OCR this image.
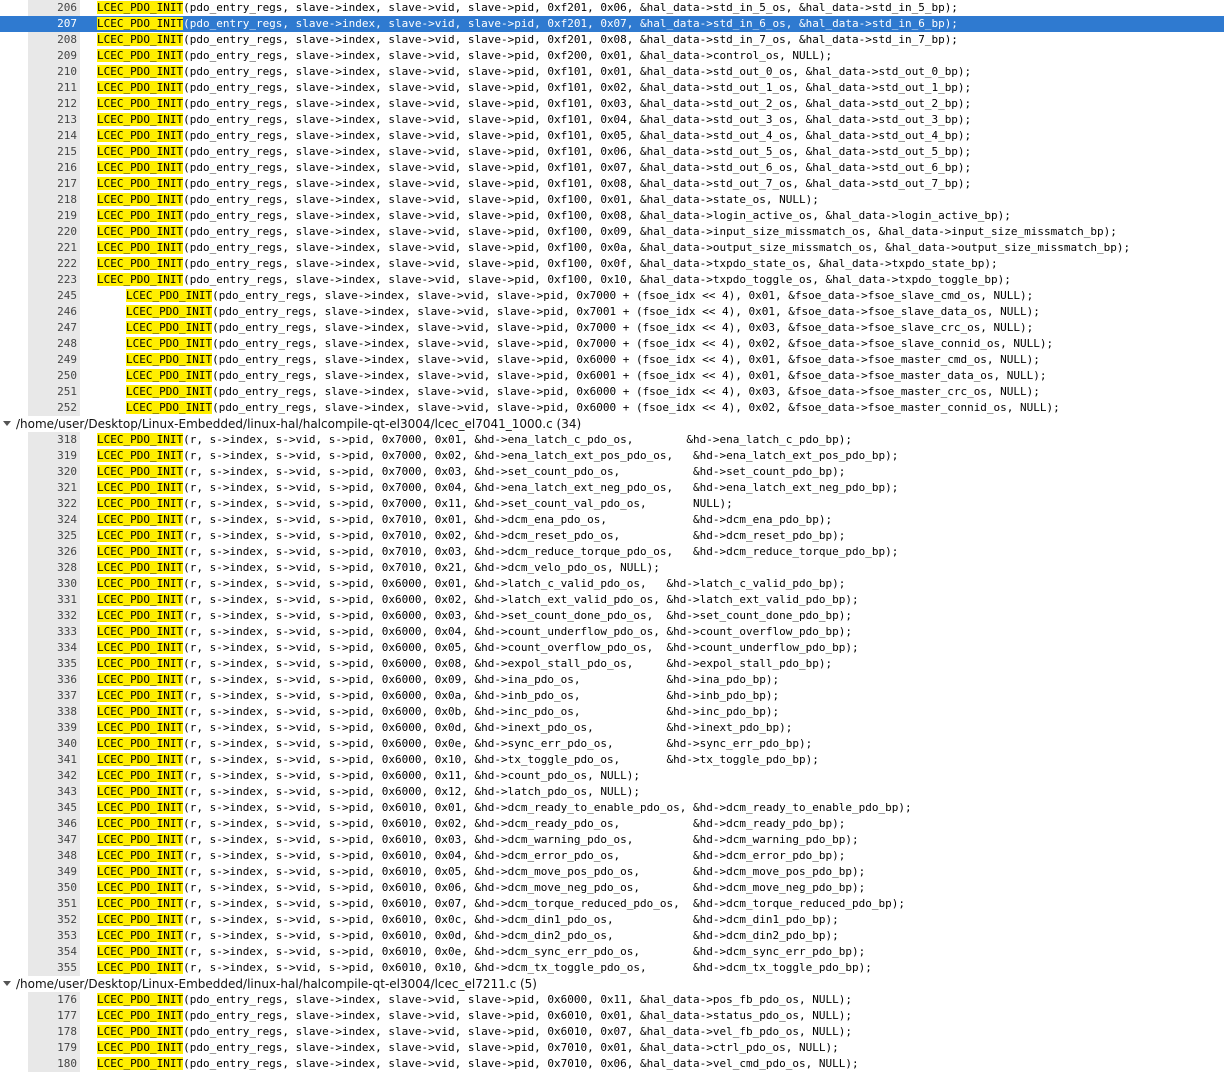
206 LCEC_PDO_INIT(pdo_entry_regs, slave->index, slave->vid, slave->pid, 0xf201, 0x06, &hal_data->std_in_5_os, &hal_data->std_in_5_bp);
207 LCEC_PDO_INIT(pdo_entry_regs, slave->index, slave->vid, slave->pid, 0xf201, 0x07, &hal_data->std_in_6_os, &hal_data->std_in_6_bp);
208 LCEC_PDO_INIT(pdo_entry_regs, slave->index, slave->vid, slave->pid, 0xf201, 0x08, &hal_data->std_in_7_os, &hal_data->std_in_7_bp);
209 LCEC_PDO_INIT(pdo_entry_regs, slave->index, slave->vid, slave->pid, 0xf200, 0x01, &hal_data->control_os, NULL);
210 LCEC_PDO_INIT(pdo_entry_regs, slave->index, slave->vid, slave->pid, 0xf101, 0x01, &hal_data->std_out_0_os, &hal_data->std_out_0_bp);
211 LCEC_PDO_INIT(pdo_entry_regs, slave->index, slave->vid, slave->pid, 0xf101, 0x02, &hal_data->std_out_1_os, &hal_data->std_out_1_bp);
212 LCEC_PDO_INIT(pdo_entry_regs, slave->index, slave->vid, slave->pid, 0xf101, 0x03, &hal_data->std_out_2_os, &hal_data->std_out_2_bp);
213 LCEC_PDO_INIT(pdo_entry_regs, slave->index, slave->vid, slave->pid, 0xf101, 0x04, &hal_data->std_out_3_os, &hal_data->std_out_3_bp);
214 LCEC_PDO_INIT(pdo_entry_regs, slave->index, slave->vid, slave->pid, 0xf101, 0x05, &hal_data->std_out_4_os, &hal_data->std_out_4_bp);
215 LCEC_PDO_INIT(pdo_entry_regs, slave->index, slave->vid, slave->pid, 0xf101, 0x06, &hal_data->std_out_5_os, &hal_data->std_out_5_bp);
216 LCEC_PDO_INIT(pdo_entry_regs, slave->index, slave->vid, slave->pid, 0xf101, 0x07, &hal_data->std_out_6_os, &hal_data->std_out_6_bp);
217 LCEC_PDO_INIT(pdo_entry_regs, slave->index, slave->vid, slave->pid, 0xf101, 0x08, &hal_data->std_out_7_os, &hal_data->std_out_7_bp);
218 LCEC_PDO_INIT(pdo_entry_regs, slave->index, slave->vid, slave->pid, 0xf100, 0x01, &hal_data->state_os, NULL);
219 LCEC_PDO_INIT(pdo_entry_regs, slave->index, slave->vid, slave->pid, 0xf100, 0x08, &hal_data->login_active_os, &hal_data->login_active_bp);
220 LCEC_PDO_INIT(pdo_entry_regs, slave->index, slave->vid, slave->pid, 0xf100, 0x09, &hal_data->input_size_missmatch_os, &hal_data->input_size_missmatch_bp);
221 LCEC_PDO_INIT(pdo_entry_regs, slave->index, slave->vid, slave->pid, 0xf100, 0x0a, &hal_data->output_size_missmatch_os, &hal_data->output_size_missmatch_bp);
222 LCEC_PDO_INIT(pdo_entry_regs, slave->index, slave->vid, slave->pid, 0xf100, 0x0f, &hal_data->txpdo_state_os, &hal_data->txpdo_state_bp);
223 LCEC_PDO_INIT(pdo_entry_regs, slave->index, slave->vid, slave->pid, 0xf100, 0x10, &hal_data->txpdo_toggle_os, &hal_data->txpdo_toggle_bp);
245	LCEC_PDO_INIT(pdo_entry_regs, slave->index, slave->vid, slave->pid, 0x7000 + (fsoe_idx << 4), 0x01, &fsoe_data->fsoe_slave_cmd_os, NULL);
246	LCEC_PDO_INIT(pdo_entry_regs, slave->index, slave->vid, slave->pid, 0x7001 + (fsoe_idx << 4), 0x01, &fsoe_data->fsoe_slave_data_os, NULL);
247	LCEC_PDO_INIT(pdo_entry_regs, slave->index, slave->vid, slave->pid, 0x7000 + (fsoe_idx << 4), 0x03, &fsoe_data->fsoe_slave_crc_os, NULL);
248	LCEC_PDO_INIT(pdo_entry_regs, slave->index, slave->vid, slave->pid, 0x7000 + (fsoe_idx << 4), 0x02, &fsoe_data->fsoe_slave_connid_os, NULL);
249	LCEC_PDO_INIT(pdo_entry_regs, slave->index, slave->vid, slave->pid, 0x6000 + (fsoe_idx << 4), 0x01, &fsoe_data->fsoe_master_cmd_os, NULL);
250	LCEC_PDO_INIT(pdo_entry_regs, slave->index, slave->vid, slave->pid, 0x6001 + (fsoe_idx << 4), 0x01, &fsoe_data->fsoe_master_data_os, NULL);
251	LCEC_PDO_INIT(pdo_entry_regs, slave->index, slave->vid, slave->pid, 0x6000 + (fsoe_idx << 4), 0x03, &fsoe_data->fsoe_master_crc_os, NULL);
252	LCEC_PDO_INIT(pdo_entry_regs, slave->index, slave->vid, slave->pid, 0x6000 + (fsoe_idx << 4), 0x02, &fsoe_data->fsoe_master_connid_os, NULL);
/home/user/Desktop/Linux-Embedded/linux-hal/halcompile-qt-el3004/lcec_el7041_1000.c (34)
318 LCEC_PDO_INIT(r, s->index, s->vid, s->pid, 0x7000, 0x01, &hd->ena_latch_c_pdo_os,        &hd->ena_latch_c_pdo_bp);
319 LCEC_PDO_INIT(r, s->index, s->vid, s->pid, 0x7000, 0x02, &hd->ena_latch_ext_pos_pdo_os,   &hd->ena_latch_ext_pos_pdo_bp);
320 LCEC_PDO_INIT(r, s->index, s->vid, s->pid, 0x7000, 0x03, &hd->set_count_pdo_os,           &hd->set_count_pdo_bp);
321 LCEC_PDO_INIT(r, s->index, s->vid, s->pid, 0x7000, 0x04, &hd->ena_latch_ext_neg_pdo_os,   &hd->ena_latch_ext_neg_pdo_bp);
322 LCEC_PDO_INIT(r, s->index, s->vid, s->pid, 0x7000, 0x11, &hd->set_count_val_pdo_os,       NULL);
324 LCEC_PDO_INIT(r, s->index, s->vid, s->pid, 0x7010, 0x01, &hd->dcm_ena_pdo_os,             &hd->dcm_ena_pdo_bp);
325 LCEC_PDO_INIT(r, s->index, s->vid, s->pid, 0x7010, 0x02, &hd->dcm_reset_pdo_os,           &hd->dcm_reset_pdo_bp);
326 LCEC_PDO_INIT(r, s->index, s->vid, s->pid, 0x7010, 0x03, &hd->dcm_reduce_torque_pdo_os,   &hd->dcm_reduce_torque_pdo_bp);
328 LCEC_PDO_INIT(r, s->index, s->vid, s->pid, 0x7010, 0x21, &hd->dcm_velo_pdo_os, NULL);
330 LCEC_PDO_INIT(r, s->index, s->vid, s->pid, 0x6000, 0x01, &hd->latch_c_valid_pdo_os,   &hd->latch_c_valid_pdo_bp);
331 LCEC_PDO_INIT(r, s->index, s->vid, s->pid, 0x6000, 0x02, &hd->latch_ext_valid_pdo_os, &hd->latch_ext_valid_pdo_bp);
332 LCEC_PDO_INIT(r, s->index, s->vid, s->pid, 0x6000, 0x03, &hd->set_count_done_pdo_os,  &hd->set_count_done_pdo_bp);
333 LCEC_PDO_INIT(r, s->index, s->vid, s->pid, 0x6000, 0x04, &hd->count_underflow_pdo_os, &hd->count_overflow_pdo_bp);
334 LCEC_PDO_INIT(r, s->index, s->vid, s->pid, 0x6000, 0x05, &hd->count_overflow_pdo_os,  &hd->count_underflow_pdo_bp);
335 LCEC_PDO_INIT(r, s->index, s->vid, s->pid, 0x6000, 0x08, &hd->expol_stall_pdo_os,     &hd->expol_stall_pdo_bp);
336 LCEC_PDO_INIT(r, s->index, s->vid, s->pid, 0x6000, 0x09, &hd->ina_pdo_os,             &hd->ina_pdo_bp);
337 LCEC_PDO_INIT(r, s->index, s->vid, s->pid, 0x6000, 0x0a, &hd->inb_pdo_os,             &hd->inb_pdo_bp);
338 LCEC_PDO_INIT(r, s->index, s->vid, s->pid, 0x6000, 0x0b, &hd->inc_pdo_os,             &hd->inc_pdo_bp);
339 LCEC_PDO_INIT(r, s->index, s->vid, s->pid, 0x6000, 0x0d, &hd->inext_pdo_os,           &hd->inext_pdo_bp);
340 LCEC_PDO_INIT(r, s->index, s->vid, s->pid, 0x6000, 0x0e, &hd->sync_err_pdo_os,        &hd->sync_err_pdo_bp);
341 LCEC_PDO_INIT(r, s->index, s->vid, s->pid, 0x6000, 0x10, &hd->tx_toggle_pdo_os,       &hd->tx_toggle_pdo_bp);
342 LCEC_PDO_INIT(r, s->index, s->vid, s->pid, 0x6000, 0x11, &hd->count_pdo_os, NULL);
343 LCEC_PDO_INIT(r, s->index, s->vid, s->pid, 0x6000, 0x12, &hd->latch_pdo_os, NULL);
345 LCEC_PDO_INIT(r, s->index, s->vid, s->pid, 0x6010, 0x01, &hd->dcm_ready_to_enable_pdo_os, &hd->dcm_ready_to_enable_pdo_bp);
346 LCEC_PDO_INIT(r, s->index, s->vid, s->pid, 0x6010, 0x02, &hd->dcm_ready_pdo_os,           &hd->dcm_ready_pdo_bp);
347 LCEC_PDO_INIT(r, s->index, s->vid, s->pid, 0x6010, 0x03, &hd->dcm_warning_pdo_os,         &hd->dcm_warning_pdo_bp);
348 LCEC_PDO_INIT(r, s->index, s->vid, s->pid, 0x6010, 0x04, &hd->dcm_error_pdo_os,           &hd->dcm_error_pdo_bp);
349 LCEC_PDO_INIT(r, s->index, s->vid, s->pid, 0x6010, 0x05, &hd->dcm_move_pos_pdo_os,        &hd->dcm_move_pos_pdo_bp);
350 LCEC_PDO_INIT(r, s->index, s->vid, s->pid, 0x6010, 0x06, &hd->dcm_move_neg_pdo_os,        &hd->dcm_move_neg_pdo_bp);
351 LCEC_PDO_INIT(r, s->index, s->vid, s->pid, 0x6010, 0x07, &hd->dcm_torque_reduced_pdo_os,  &hd->dcm_torque_reduced_pdo_bp);
352 LCEC_PDO_INIT(r, s->index, s->vid, s->pid, 0x6010, 0x0c, &hd->dcm_din1_pdo_os,            &hd->dcm_din1_pdo_bp);
353 LCEC_PDO_INIT(r, s->index, s->vid, s->pid, 0x6010, 0x0d, &hd->dcm_din2_pdo_os,            &hd->dcm_din2_pdo_bp);
354 LCEC_PDO_INIT(r, s->index, s->vid, s->pid, 0x6010, 0x0e, &hd->dcm_sync_err_pdo_os,        &hd->dcm_sync_err_pdo_bp);
355 LCEC_PDO_INIT(r, s->index, s->vid, s->pid, 0x6010, 0x10, &hd->dcm_tx_toggle_pdo_os,       &hd->dcm_tx_toggle_pdo_bp);
/home/user/Desktop/Linux-Embedded/linux-hal/halcompile-qt-el3004/lcec_el7211.c (5)
176 LCEC_PDO_INIT(pdo_entry_regs, slave->index, slave->vid, slave->pid, 0x6000, 0x11, &hal_data->pos_fb_pdo_os, NULL);
177 LCEC_PDO_INIT(pdo_entry_regs, slave->index, slave->vid, slave->pid, 0x6010, 0x01, &hal_data->status_pdo_os, NULL);
178 LCEC_PDO_INIT(pdo_entry_regs, slave->index, slave->vid, slave->pid, 0x6010, 0x07, &hal_data->vel_fb_pdo_os, NULL);
179 LCEC_PDO_INIT(pdo_entry_regs, slave->index, slave->vid, slave->pid, 0x7010, 0x01, &hal_data->ctrl_pdo_os, NULL);
180 LCEC_PDO_INIT(pdo_entry_regs, slave->index, slave->vid, slave->pid, 0x7010, 0x06, &hal_data->vel_cmd_pdo_os, NULL);
